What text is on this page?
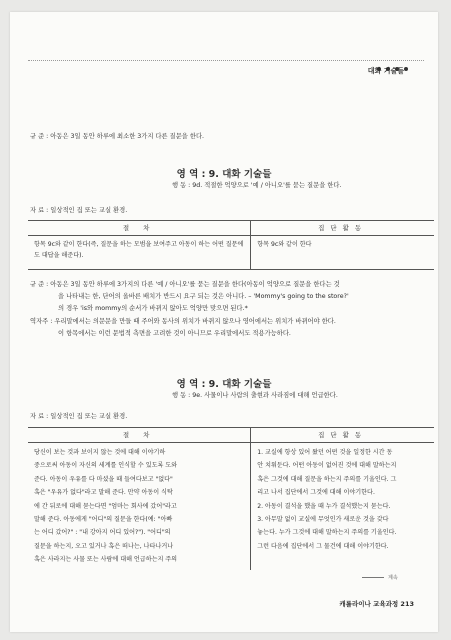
대화 기술들
규 준 : 아동은 3일 동안 하루에 최소한 3가지 다른 질문을 한다.
영 역 : 9. 대화 기술들
행 동 : 9d. 적절한 억양으로 '예 / 아니오'를 묻는 질문을 한다.
자 료 : 일상적인 집 또는 교실 환경.
절 차	집단활동
항목 9c와 같이 한다(즉, 질문을 하는 모범을 보여주고 아동이 하는 어떤 질문에도 대답을 해준다).
항목 9c와 같이 한다
규 준 : 아동은 3일 동안 하루에 3가지의 다른 '예 / 아니오'를 묻는 질문을 한다(아동이 억양으로 질문을 한다는 것
을 나타내는 한, 단어의 올바른 배치가 반드시 요구 되는 것은 아니다. – 'Mommy's going to the store?'
의 경우 'is와 mommy의 순서가 바뀌지 않아도 억양만 맞으면 된다.*
역자주 : 우리말에서는 의문문을 만들 때 주어와 동사의 위치가 바뀌지 않으나 영어에서는 위치가 바뀌어야 한다.
이 항목에서는 이런 문법적 측면을 고려한 것이 아니므로 우리말에서도 적용가능하다.
영 역 : 9. 대화 기술들
행 동 : 9e. 사물이나 사람의 출현과 사라짐에 대해 언급한다.
자 료 : 일상적인 집 또는 교실 환경.
절 차	집단활동
당신이 보는 것과 보이지 않는 것에 대해 이야기하
중으로써 아동이 자신의 세계를 인식할 수 있도록 도와
준다. 아동이 우유를 다 마셨을 때 들여다보고 "없다"
혹은 "우유가 없다"라고 말해 준다. 만약 아동이 식탁
에 간 뒤로에 대해 묻는다면 "엄마는 회사에 갔어"라고
말해 준다. 아동에게 "어디"의 질문을 한다(예: "아빠
는 어디 갔어?" : "내 강아지 어디 있어?"). "어디"의
질문을 하는지, 오고 있거나 혹은 떠나는, 나타나거나
혹은 사라지는 사물 또는 사람에 대해 언급하는지 주의
1. 교실에 항상 있어 왔던 어떤 것을 일정한 시간 동
안 치워둔다. 어떤 아동이 없어진 것에 대해 말하는지
혹은 그것에 대해 질문을 하는지 주의를 기울인다. 그
리고 나서 집단에서 그것에 대해 이야기한다.
2. 아동이 결석을 했을 때 누가 결석했는지 묻는다.
3. 아무말 없이 교실에 무엇인가 새로운 것을 갖다
놓는다. 누가 그것에 대해 말하는지 주의를 기울인다.
그런 다음에 집단에서 그 물건에 대해 이야기한다.
계속
캐롤라이나 교육과정 213
